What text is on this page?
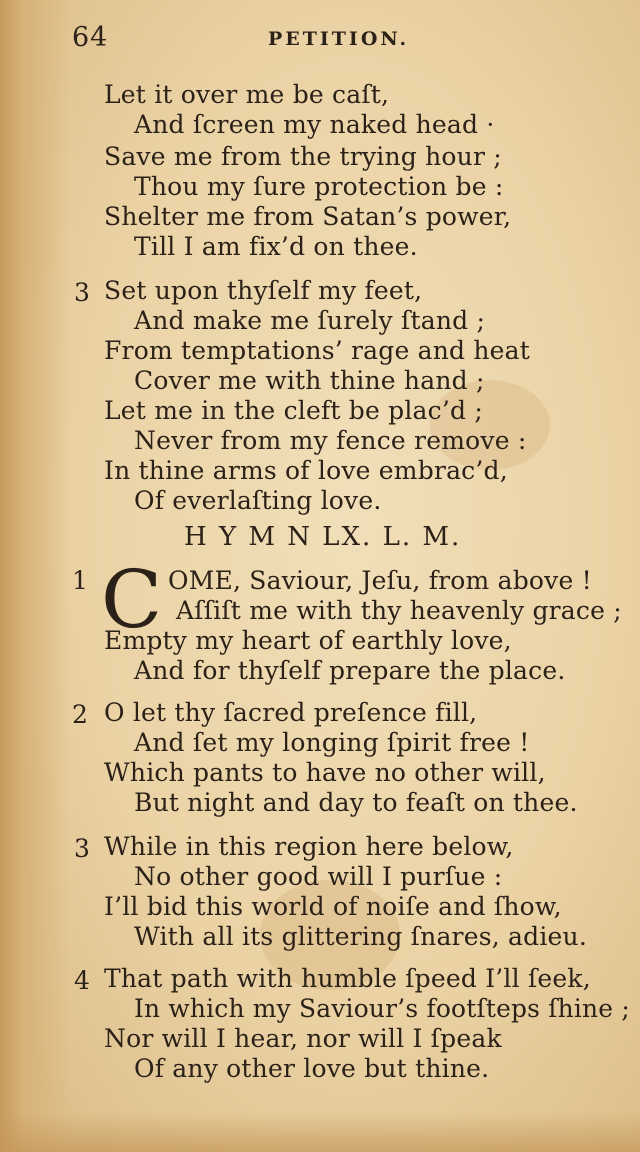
64	PETITION.
Let it over me be caſt,
And ſcreen my naked head ·
Save me from the trying hour ;
Thou my ſure protection be :
Shelter me from Satan’s power,
Till I am fix’d on thee.
3 Set upon thyſelf my feet,
And make me ſurely ſtand ;
From temptations’ rage and heat
Cover me with thine hand ;
Let me in the cleft be plac’d ;
Never from my fence remove :
In thine arms of love embrac’d,
Of everlaſting love.
H Y M N LX. L. M.
1 C OME, Saviour, Jeſu, from above !
Aſſiſt me with thy heavenly grace ;
Empty my heart of earthly love,
And for thyſelf prepare the place.
2 O let thy ſacred preſence fill,
And ſet my longing ſpirit free !
Which pants to have no other will,
But night and day to feaſt on thee.
3 While in this region here below,
No other good will I purſue :
I’ll bid this world of noiſe and ſhow,
With all its glittering ſnares, adieu.
4 That path with humble ſpeed I’ll ſeek,
In which my Saviour’s footſteps ſhine ;
Nor will I hear, nor will I ſpeak
Of any other love but thine.
